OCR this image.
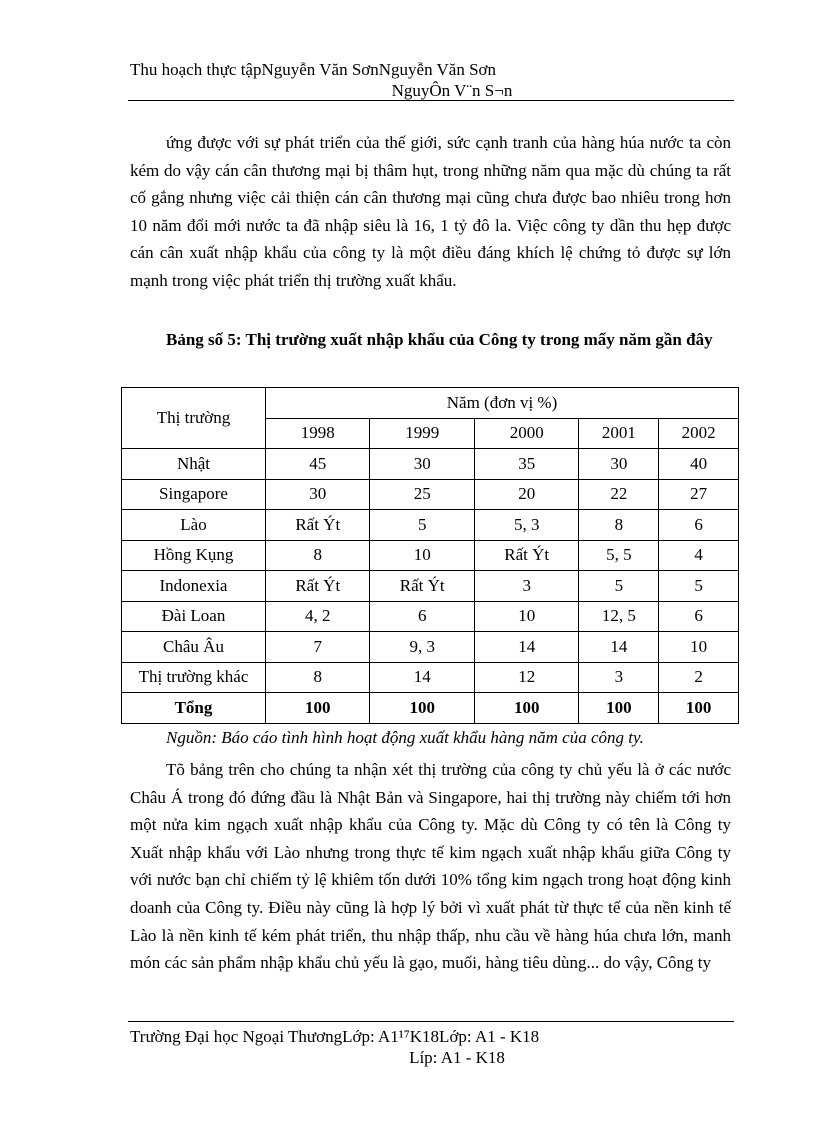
Thu hoạch thực tậpNguyễn Văn SơnNguyễn Văn Sơn
NguyÔn V¨n S¬n
ứng được với sự phát triển của thế giới, sức cạnh tranh của hàng húa nước ta còn kém do vậy cán cân thương mại bị thâm hụt, trong những năm qua mặc dù chúng ta rất cố gắng nhưng việc cải thiện cán cân thương mại cũng chưa được bao nhiêu trong hơn 10 năm đổi mới nước ta đã nhập siêu là 16, 1 tỷ đô la. Việc công ty dần thu hẹp được cán cân xuất nhập khẩu của công ty là một điều đáng khích lệ chứng tỏ được sự lớn mạnh trong việc phát triển thị trường xuất khẩu.
Bảng số 5: Thị trường xuất nhập khẩu của Công ty trong mấy năm gần đây
Thị trường	Năm (đơn vị %)				
	1998	1999	2000	2001	2002
Nhật	45	30	35	30	40
Singapore	30	25	20	22	27
Lào	Rất Ýt	5	5, 3	8	6
Hồng Kụng	8	10	Rất Ýt	5, 5	4
Indonexia	Rất Ýt	Rất Ýt	3	5	5
Đài Loan	4, 2	6	10	12, 5	6
Châu Âu	7	9, 3	14	14	10
Thị trường khác	8	14	12	3	2
Tổng	100	100	100	100	100
Nguồn: Báo cáo tình hình hoạt động xuất khẩu hàng năm của công ty.
Tõ bảng trên cho chúng ta nhận xét thị trường của công ty chủ yếu là ở các nước Châu Á trong đó đứng đầu là Nhật Bản và Singapore, hai thị trường này chiếm tới hơn một nửa kim ngạch xuất nhập khẩu của Công ty. Mặc dù Công ty có tên là Công ty Xuất nhập khẩu với Lào nhưng trong thực tế kim ngạch xuất nhập khẩu giữa Công ty với nước bạn chỉ chiếm tỷ lệ khiêm tốn dưới 10% tổng kim ngạch trong hoạt động kinh doanh của Công ty. Điều này cũng là hợp lý bởi vì xuất phát từ thực tế của nền kinh tế Lào là nền kinh tế kém phát triển, thu nhập thấp, nhu cầu về hàng húa chưa lớn, manh món các sản phẩm nhập khẩu chủ yếu là gạo, muối, hàng tiêu dùng... do vậy, Công ty
Trường Đại học Ngoại ThươngLớp: A1¹⁷K18Lớp: A1 - K18
Líp: A1 - K18
